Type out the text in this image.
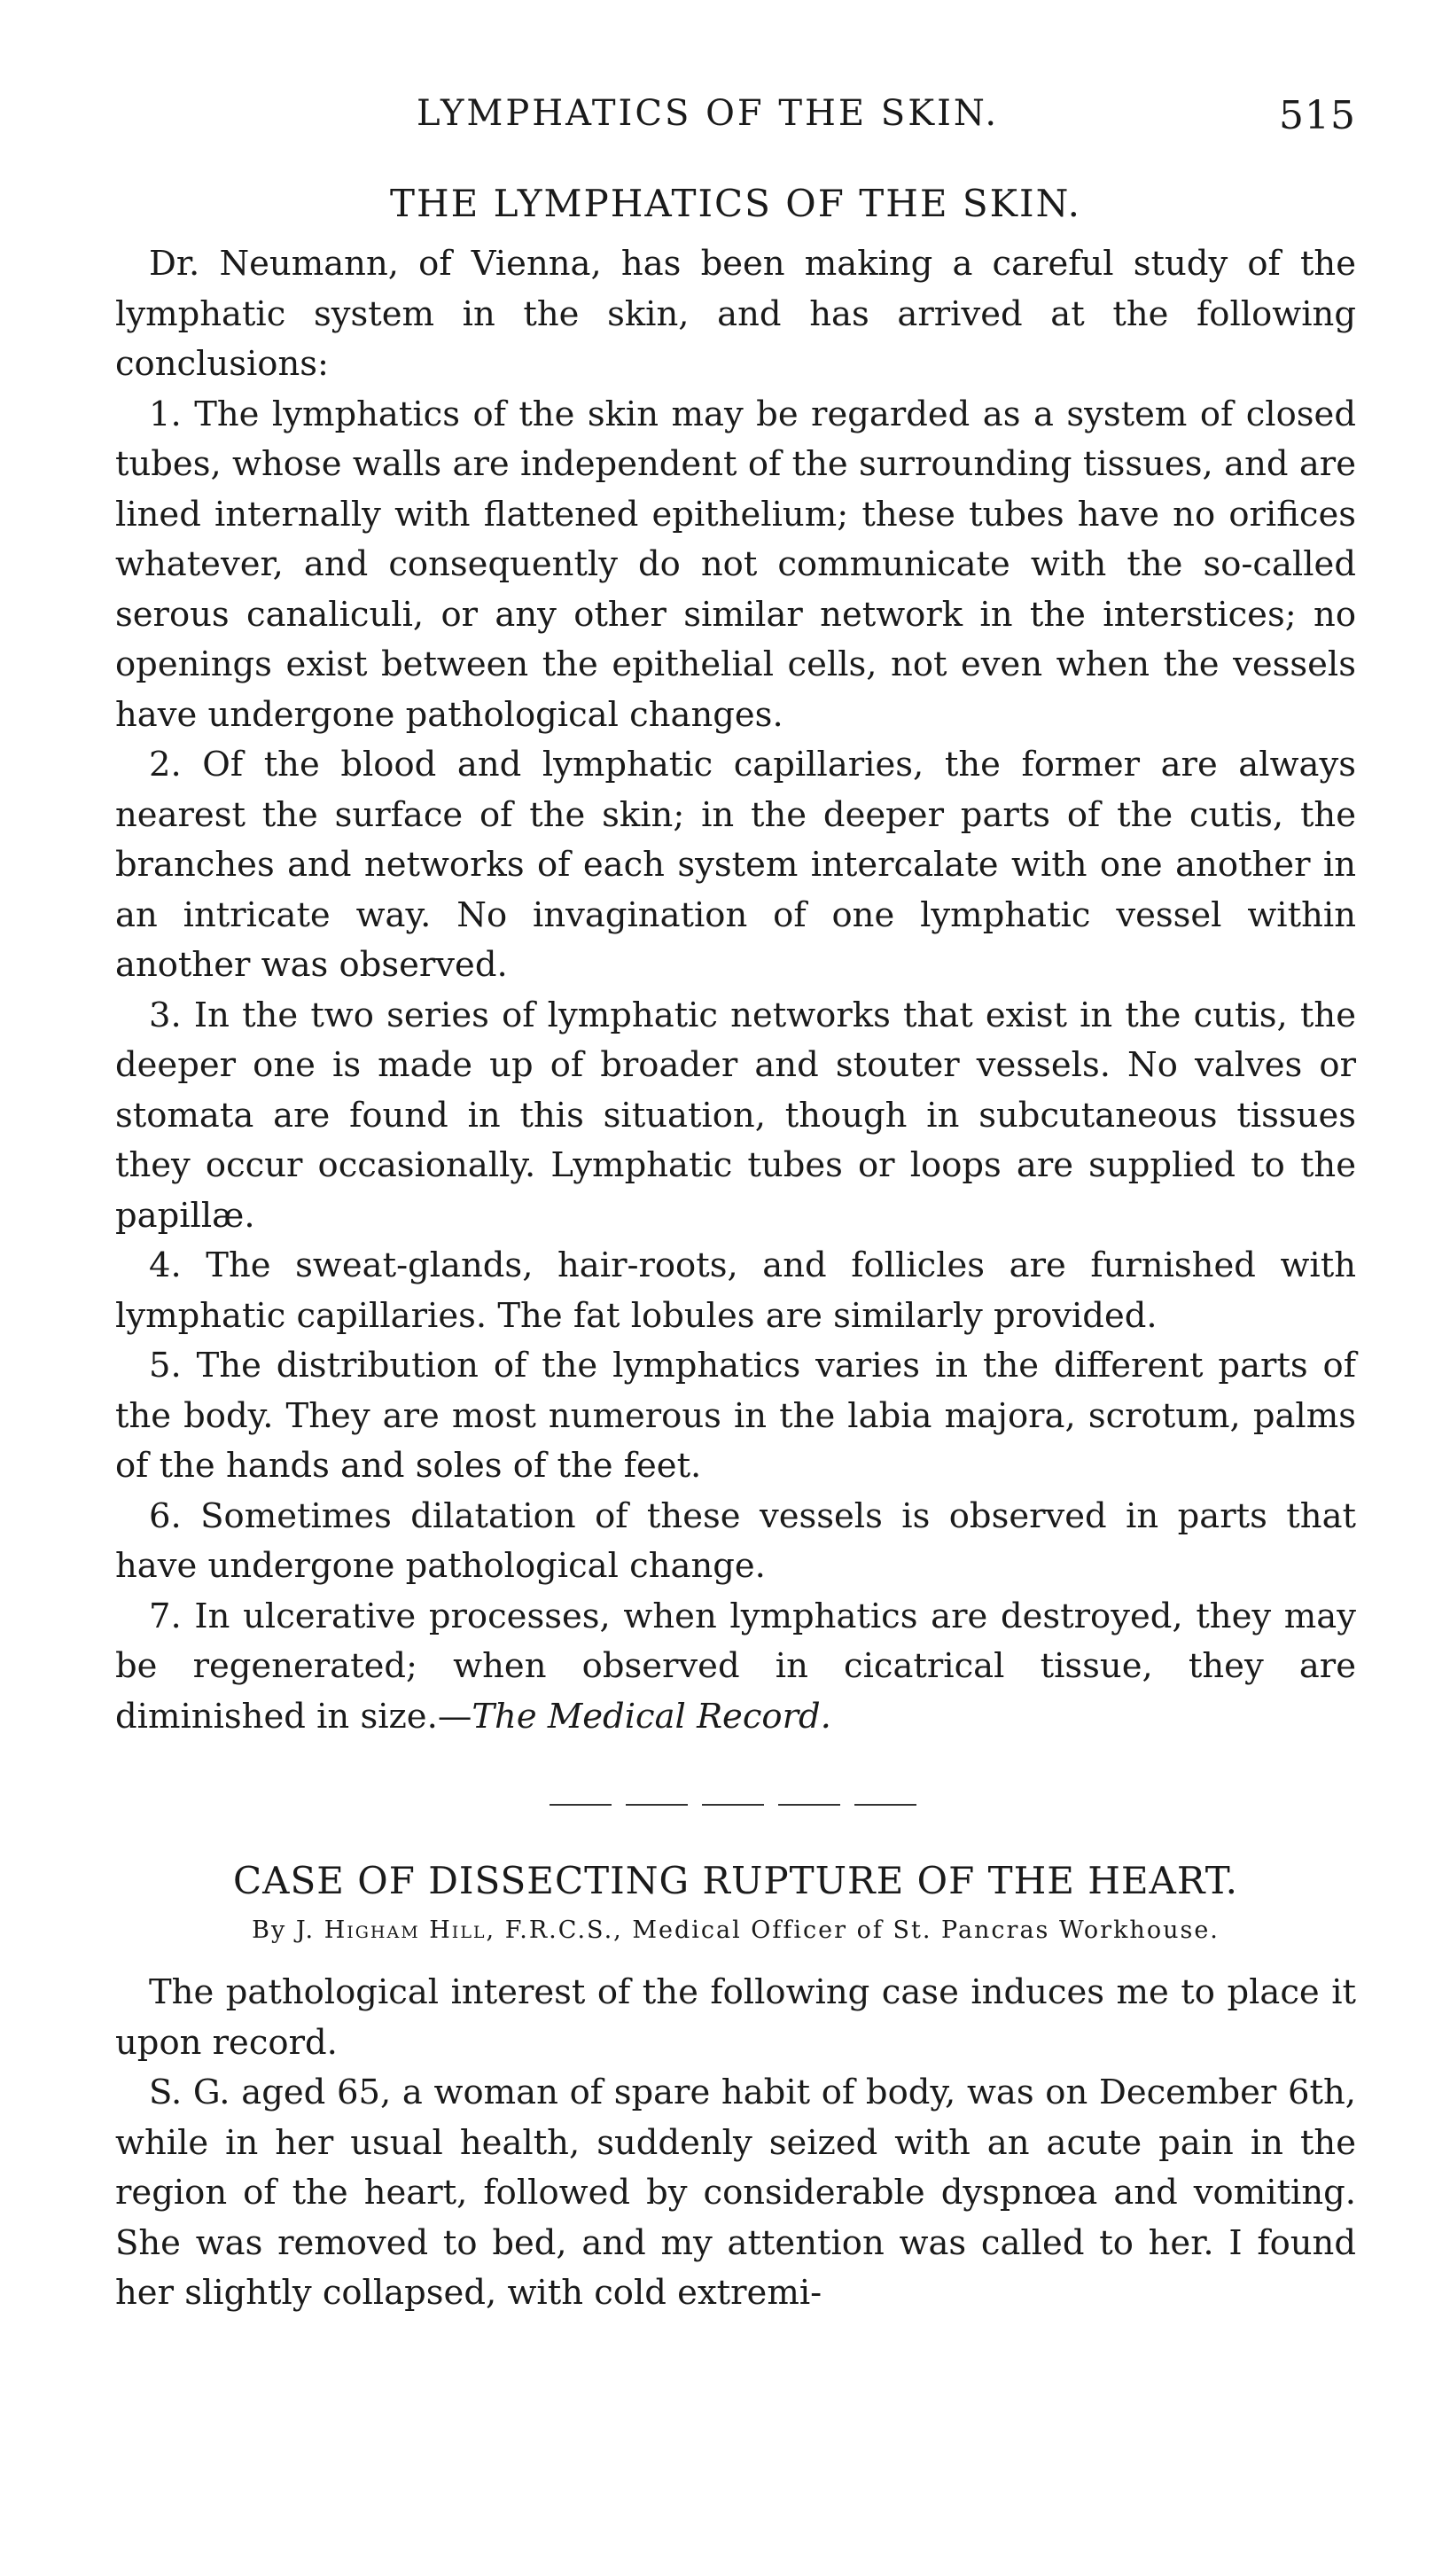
LYMPHATICS OF THE SKIN.	515
THE LYMPHATICS OF THE SKIN.

Dr. Neumann, of Vienna, has been making a careful study of the lymphatic system in the skin, and has arrived at the following conclusions:

1. The lymphatics of the skin may be regarded as a system of closed tubes, whose walls are independent of the surrounding tissues, and are lined internally with flattened epithelium; these tubes have no orifices whatever, and consequently do not communicate with the so-called serous canaliculi, or any other similar network in the interstices; no openings exist between the epithelial cells, not even when the vessels have undergone pathological changes.

2. Of the blood and lymphatic capillaries, the former are always nearest the surface of the skin; in the deeper parts of the cutis, the branches and networks of each system intercalate with one another in an intricate way. No invagination of one lymphatic vessel within another was observed.

3. In the two series of lymphatic networks that exist in the cutis, the deeper one is made up of broader and stouter vessels. No valves or stomata are found in this situation, though in subcutaneous tissues they occur occasionally. Lymphatic tubes or loops are supplied to the papillæ.

4. The sweat-glands, hair-roots, and follicles are furnished with lymphatic capillaries. The fat lobules are similarly provided.

5. The distribution of the lymphatics varies in the different parts of the body. They are most numerous in the labia majora, scrotum, palms of the hands and soles of the feet.

6. Sometimes dilatation of these vessels is observed in parts that have undergone pathological change.

7. In ulcerative processes, when lymphatics are destroyed, they may be regenerated; when observed in cicatrical tissue, they are diminished in size.—The Medical Record.

CASE OF DISSECTING RUPTURE OF THE HEART.
By J. Higham Hill, F.R.C.S., Medical Officer of St. Pancras Workhouse.

The pathological interest of the following case induces me to place it upon record.

S. G. aged 65, a woman of spare habit of body, was on December 6th, while in her usual health, suddenly seized with an acute pain in the region of the heart, followed by considerable dyspnœa and vomiting. She was removed to bed, and my attention was called to her. I found her slightly collapsed, with cold extremi-
